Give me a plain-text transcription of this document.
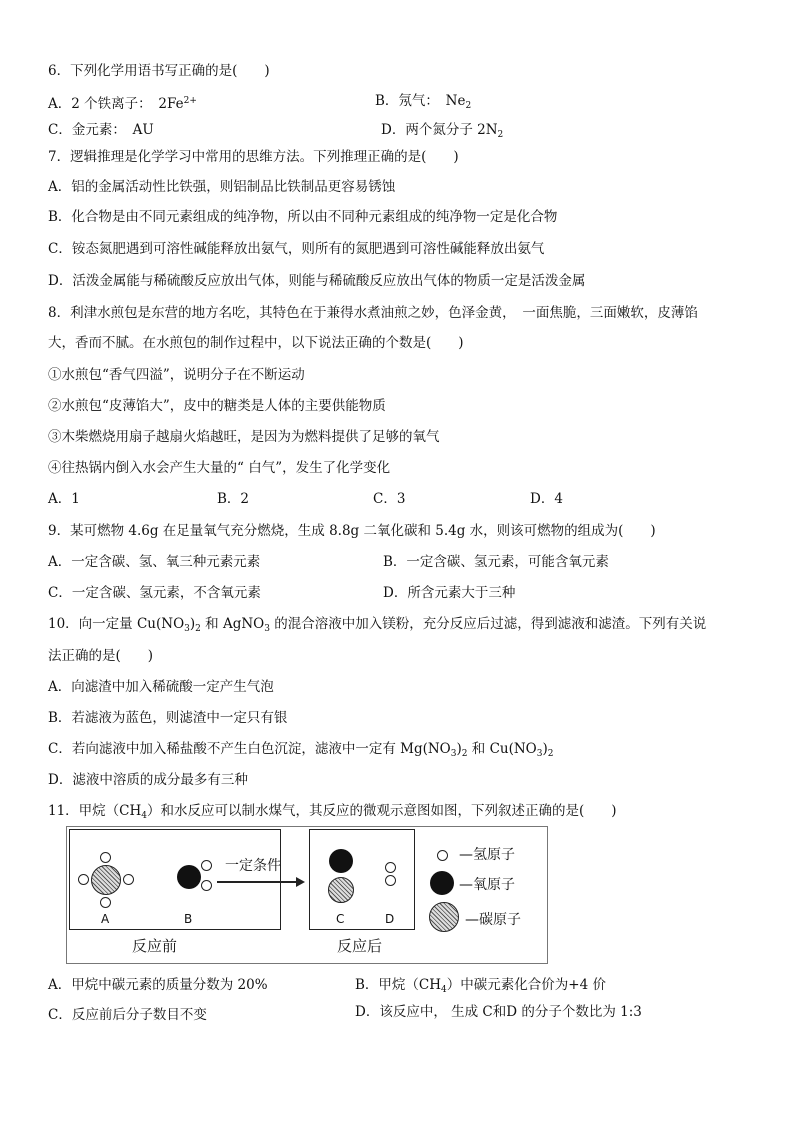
6．下列化学用语书写正确的是(　　)
A．2 个铁离子：　$2Fe^{2+}$	B．氖气：　$Ne_2$
C．金元素：　AU	D．两个氮分子 $2N_2$
7．逻辑推理是化学学习中常用的思维方法。下列推理正确的是(　　)
A．铝的金属活动性比铁强，则铝制品比铁制品更容易锈蚀
B．化合物是由不同元素组成的纯净物，所以由不同种元素组成的纯净物一定是化合物
C．铵态氮肥遇到可溶性碱能释放出氨气，则所有的氮肥遇到可溶性碱能释放出氨气
D．活泼金属能与稀硫酸反应放出气体，则能与稀硫酸反应放出气体的物质一定是活泼金属
8．利津水煎包是东营的地方名吃，其特色在于兼得水煮油煎之妙，色泽金黄，　一面焦脆，三面嫩软，皮薄馅
大，香而不腻。在水煎包的制作过程中，以下说法正确的个数是(　　)
①水煎包“香气四溢”，说明分子在不断运动
②水煎包“皮薄馅大”，皮中的糖类是人体的主要供能物质
③木柴燃烧用扇子越扇火焰越旺，是因为为燃料提供了足够的氧气
④往热锅内倒入水会产生大量的“ 白气”，发生了化学变化
A．1	B．2	C．3	D．4
9．某可燃物 4.6g 在足量氧气充分燃烧，生成 8.8g 二氧化碳和 5.4g 水，则该可燃物的组成为(　　)
A．一定含碳、氢、氧三种元素元素	B．一定含碳、氢元素，可能含氧元素
C．一定含碳、氢元素，不含氧元素	D．所含元素大于三种
10．向一定量 $Cu(NO_3)_2$ 和 AgNO$_3$ 的混合溶液中加入镁粉，充分反应后过滤，得到滤液和滤渣。下列有关说
法正确的是(　　)
A．向滤渣中加入稀硫酸一定产生气泡
B．若滤液为蓝色，则滤渣中一定只有银
C．若向滤液中加入稀盐酸不产生白色沉淀，滤液中一定有 $Mg(NO_3)_2$ 和 $Cu(NO_3)_2$
D．滤液中溶质的成分最多有三种
11．甲烷$(CH_4)$和水反应可以制水煤气，其反应的微观示意图如图，下列叙述正确的是(　　)
A	B
一定条件
C	D
—氢原子
—氧原子
—碳原子
反应前	反应后
A．甲烷中碳元素的质量分数为 20%	B．甲烷$(CH_4)$中碳元素化合价为+4 价
C．反应前后分子数目不变	D．该反应中， 生成 C和D 的分子个数比为 1:3
